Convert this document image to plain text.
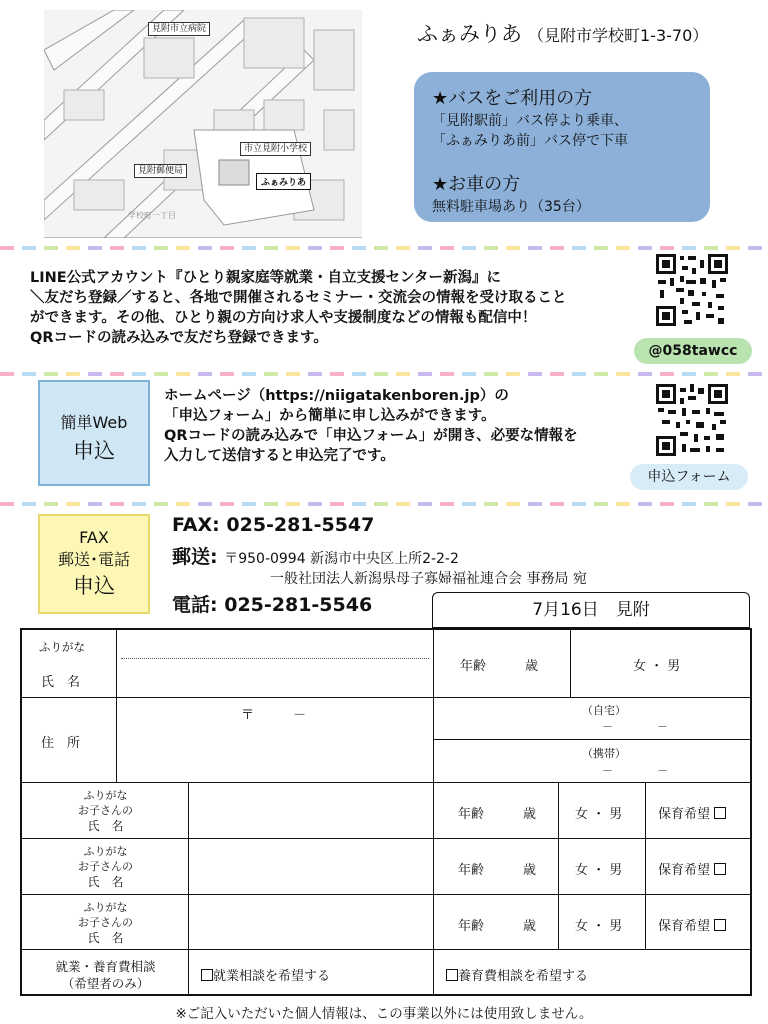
見附市立病院
市立見附小学校
見附郵便局
ふぁみりあ
学校町一丁目
ふぁみりあ （見附市学校町1-3-70）
★バスをご利用の方
「見附駅前」バス停より乗車、
「ふぁみりあ前」バス停で下車
★お車の方
無料駐車場あり（35台）
LINE公式アカウント『ひとり親家庭等就業・自立支援センター新潟』に
＼友だち登録／すると、各地で開催されるセミナー・交流会の情報を受け取ること
ができます。その他、ひとり親の方向け求人や支援制度などの情報も配信中！
QRコードの読み込みで友だち登録できます。
@058tawcc
簡単Web
申込
ホームページ（https://niigatakenboren.jp）の
「申込フォーム」から簡単に申し込みができます。
QRコードの読み込みで「申込フォーム」が開き、必要な情報を
入力して送信すると申込完了です。
申込フォーム
FAX
郵送･電話
申込
FAX: 025-281-5547
郵送: 〒950-0994 新潟市中央区上所2-2-2
一般社団法人新潟県母子寡婦福祉連合会 事務局 宛
電話: 025-281-5546	7月16日　見附
ふりがな
氏　名
年齢　　　歳	女 ・ 男
住　所
〒　　　－	（自宅）
－　　　　－
（携帯）
－　　　　－
ふりがな
お子さんの
氏　名
年齢　　　歳	女 ・ 男	保育希望
ふりがな
お子さんの
氏　名
年齢　　　歳	女 ・ 男	保育希望
ふりがな
お子さんの
氏　名
年齢　　　歳	女 ・ 男	保育希望
就業・養育費相談
（希望者のみ）	就業相談を希望する	養育費相談を希望する
※ご記入いただいた個人情報は、この事業以外には使用致しません。
